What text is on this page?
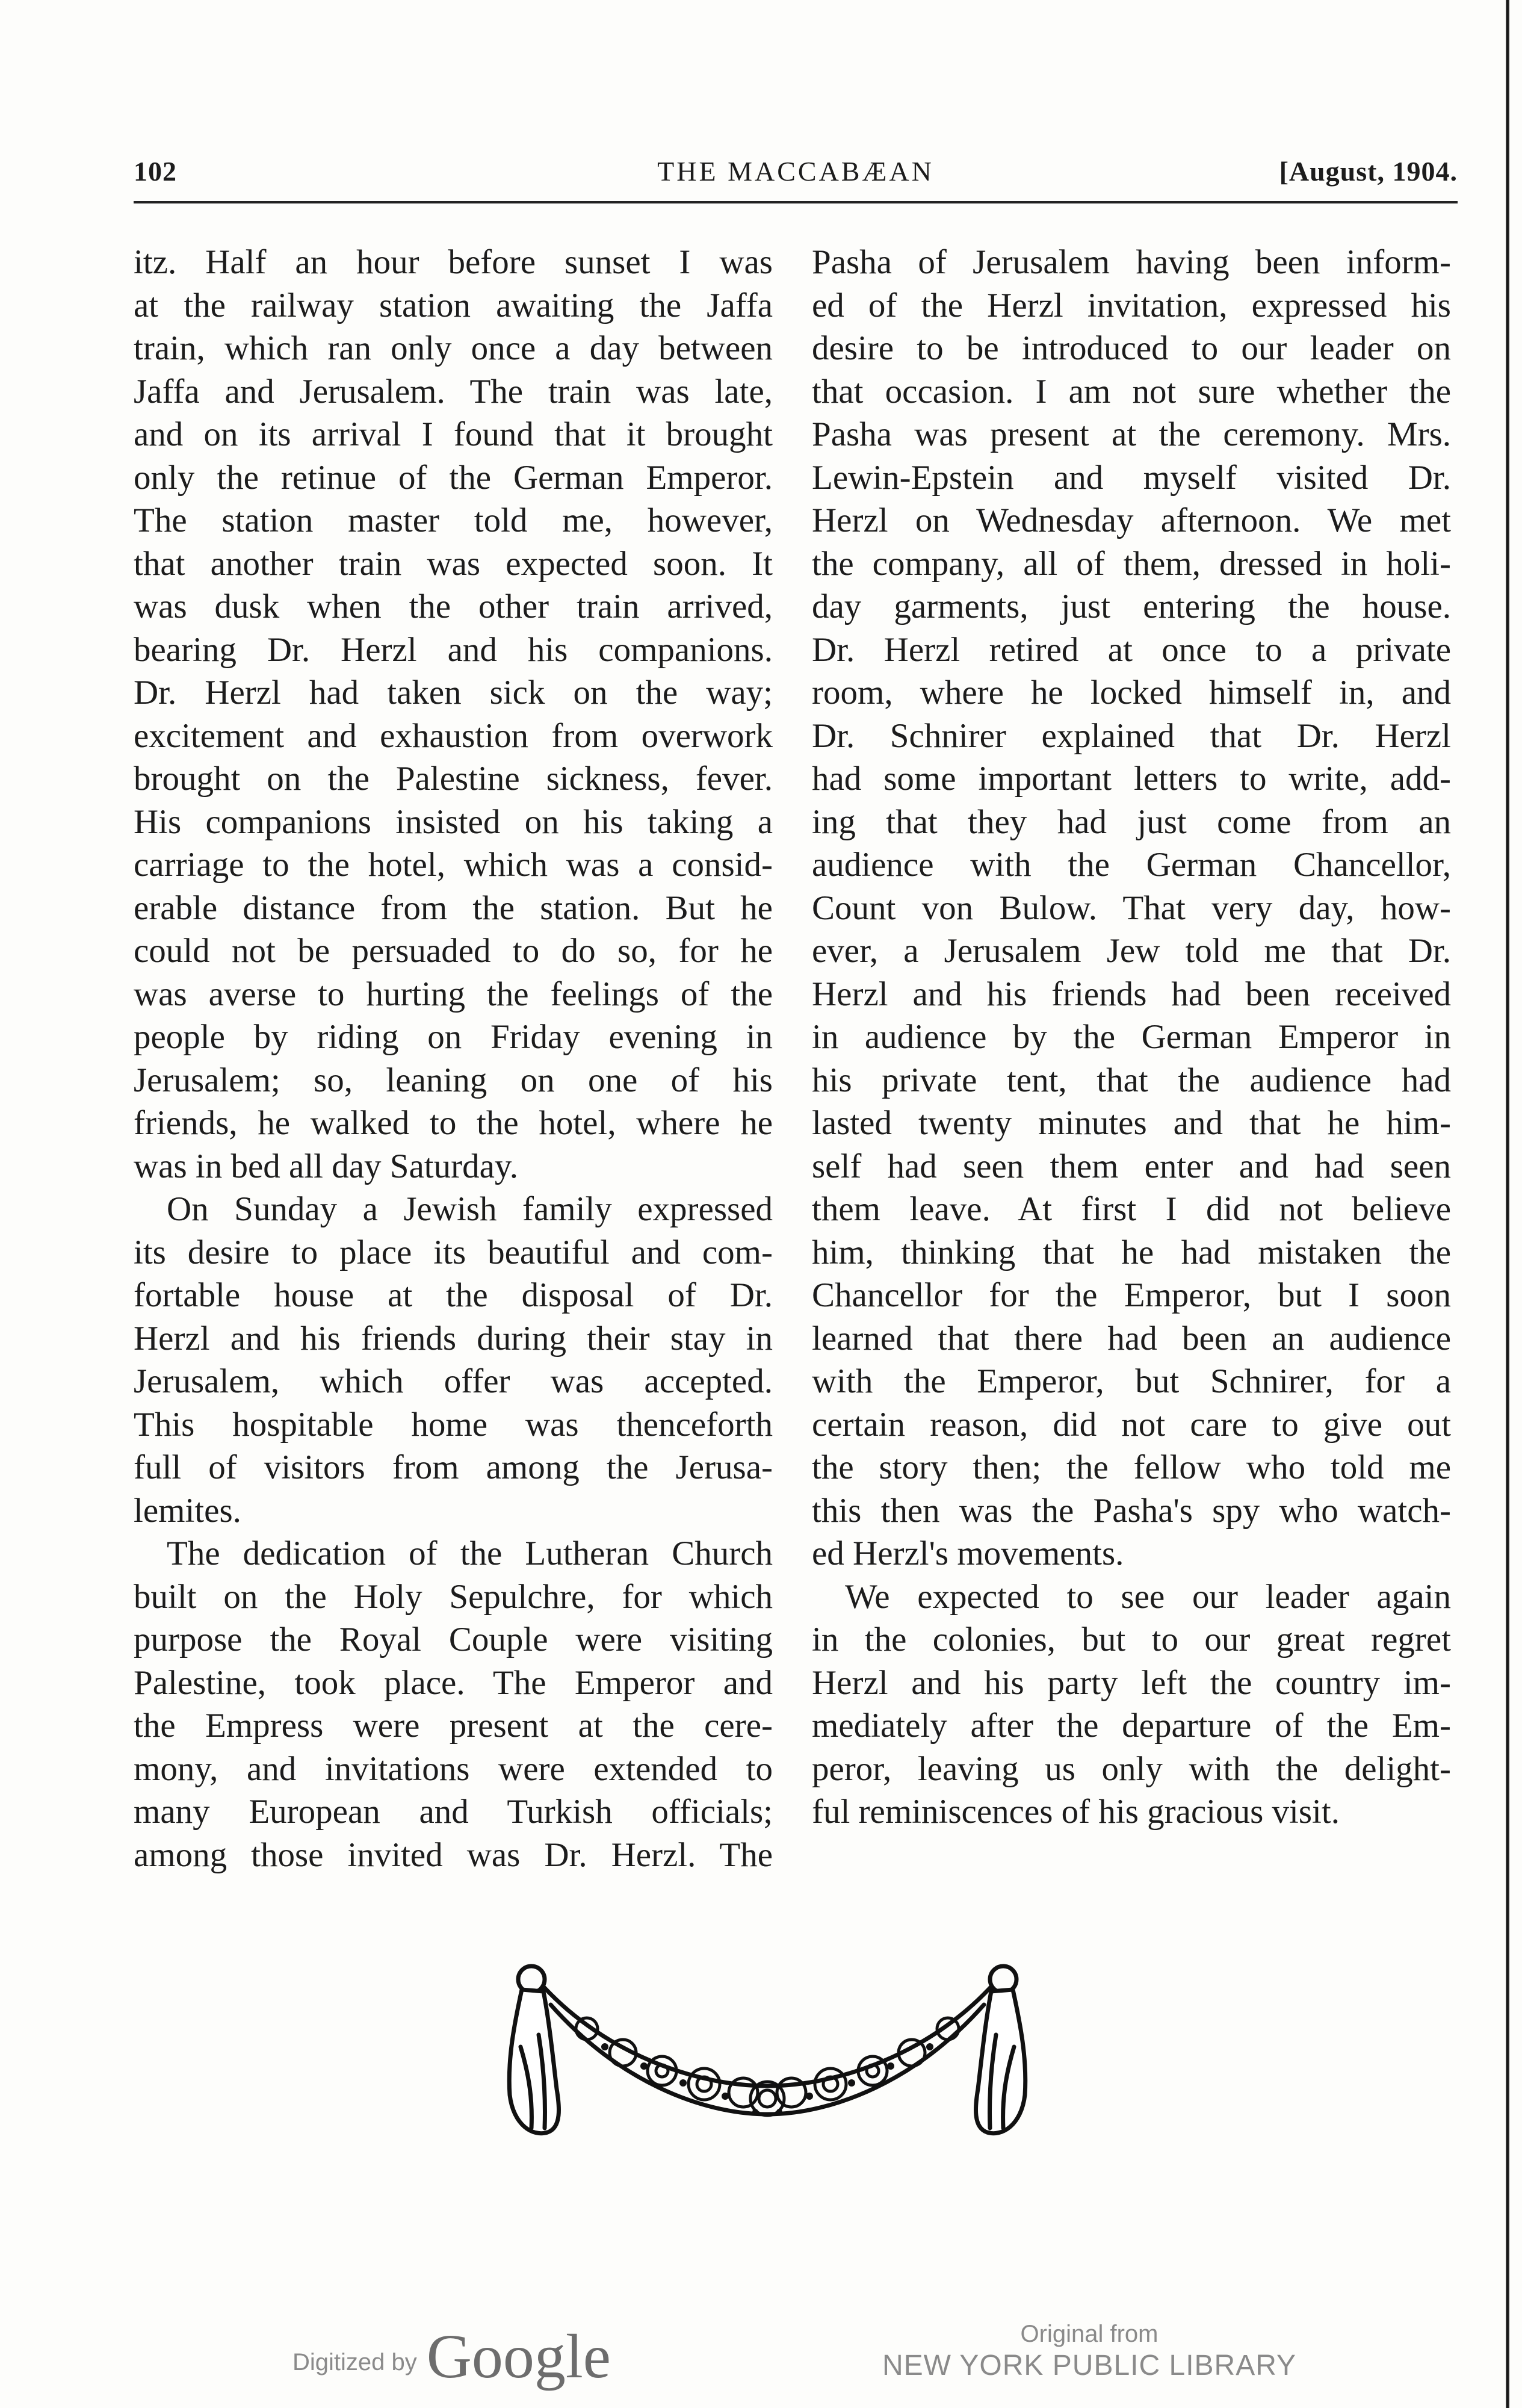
102	THE MACCABÆAN	[August, 1904.
itz. Half an hour before sunset I was
at the railway station awaiting the Jaffa
train, which ran only once a day between
Jaffa and Jerusalem. The train was late,
and on its arrival I found that it brought
only the retinue of the German Emperor.
The station master told me, however,
that another train was expected soon. It
was dusk when the other train arrived,
bearing Dr. Herzl and his companions.
Dr. Herzl had taken sick on the way;
excitement and exhaustion from overwork
brought on the Palestine sickness, fever.
His companions insisted on his taking a
carriage to the hotel, which was a consid-
erable distance from the station. But he
could not be persuaded to do so, for he
was averse to hurting the feelings of the
people by riding on Friday evening in
Jerusalem; so, leaning on one of his
friends, he walked to the hotel, where he
was in bed all day Saturday.
On Sunday a Jewish family expressed
its desire to place its beautiful and com-
fortable house at the disposal of Dr.
Herzl and his friends during their stay in
Jerusalem, which offer was accepted.
This hospitable home was thenceforth
full of visitors from among the Jerusa-
lemites.
The dedication of the Lutheran Church
built on the Holy Sepulchre, for which
purpose the Royal Couple were visiting
Palestine, took place. The Emperor and
the Empress were present at the cere-
mony, and invitations were extended to
many European and Turkish officials;
among those invited was Dr. Herzl. The
Pasha of Jerusalem having been inform-
ed of the Herzl invitation, expressed his
desire to be introduced to our leader on
that occasion. I am not sure whether the
Pasha was present at the ceremony. Mrs.
Lewin-Epstein and myself visited Dr.
Herzl on Wednesday afternoon. We met
the company, all of them, dressed in holi-
day garments, just entering the house.
Dr. Herzl retired at once to a private
room, where he locked himself in, and
Dr. Schnirer explained that Dr. Herzl
had some important letters to write, add-
ing that they had just come from an
audience with the German Chancellor,
Count von Bulow. That very day, how-
ever, a Jerusalem Jew told me that Dr.
Herzl and his friends had been received
in audience by the German Emperor in
his private tent, that the audience had
lasted twenty minutes and that he him-
self had seen them enter and had seen
them leave. At first I did not believe
him, thinking that he had mistaken the
Chancellor for the Emperor, but I soon
learned that there had been an audience
with the Emperor, but Schnirer, for a
certain reason, did not care to give out
the story then; the fellow who told me
this then was the Pasha's spy who watch-
ed Herzl's movements.
We expected to see our leader again
in the colonies, but to our great regret
Herzl and his party left the country im-
mediately after the departure of the Em-
peror, leaving us only with the delight-
ful reminiscences of his gracious visit.
Digitized by Google	Original from
NEW YORK PUBLIC LIBRARY
